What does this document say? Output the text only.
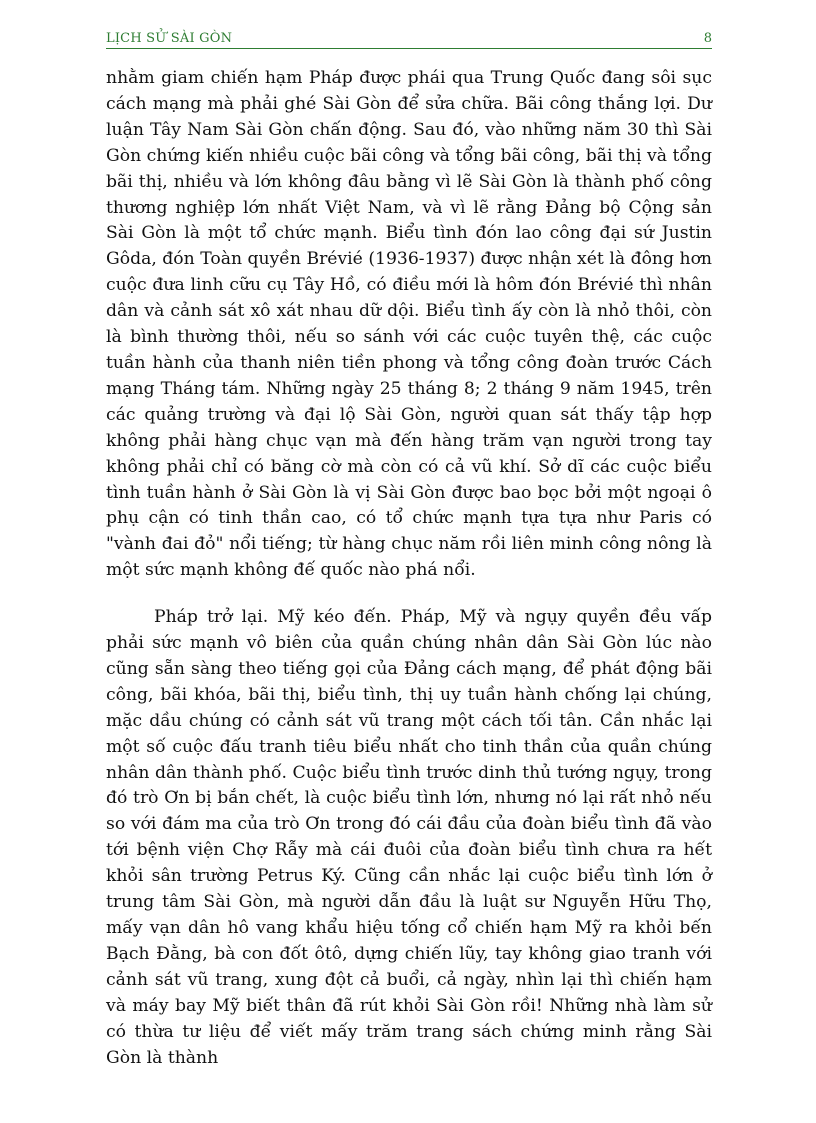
LỊCH SỬ SÀI GÒN	8

nhằm giam chiến hạm Pháp được phái qua Trung Quốc đang sôi sục cách mạng mà phải ghé Sài Gòn để sửa chữa. Bãi công thắng lợi. Dư luận Tây Nam Sài Gòn chấn động. Sau đó, vào những năm 30 thì Sài Gòn chứng kiến nhiều cuộc bãi công và tổng bãi công, bãi thị và tổng bãi thị, nhiều và lớn không đâu bằng vì lẽ Sài Gòn là thành phố công thương nghiệp lớn nhất Việt Nam, và vì lẽ rằng Đảng bộ Cộng sản Sài Gòn là một tổ chức mạnh. Biểu tình đón lao công đại sứ Justin Gôda, đón Toàn quyền Brévié (1936-1937) được nhận xét là đông hơn cuộc đưa linh cữu cụ Tây Hồ, có điều mới là hôm đón Brévié thì nhân dân và cảnh sát xô xát nhau dữ dội. Biểu tình ấy còn là nhỏ thôi, còn là bình thường thôi, nếu so sánh với các cuộc tuyên thệ, các cuộc tuần hành của thanh niên tiền phong và tổng công đoàn trước Cách mạng Tháng tám. Những ngày 25 tháng 8; 2 tháng 9 năm 1945, trên các quảng trường và đại lộ Sài Gòn, người quan sát thấy tập hợp không phải hàng chục vạn mà đến hàng trăm vạn người trong tay không phải chỉ có băng cờ mà còn có cả vũ khí. Sở dĩ các cuộc biểu tình tuần hành ở Sài Gòn là vị Sài Gòn được bao bọc bởi một ngoại ô phụ cận có tinh thần cao, có tổ chức mạnh tựa tựa như Paris có "vành đai đỏ" nổi tiếng; từ hàng chục năm rồi liên minh công nông là một sức mạnh không đế quốc nào phá nổi.

Pháp trở lại. Mỹ kéo đến. Pháp, Mỹ và ngụy quyền đều vấp phải sức mạnh vô biên của quần chúng nhân dân Sài Gòn lúc nào cũng sẵn sàng theo tiếng gọi của Đảng cách mạng, để phát động bãi công, bãi khóa, bãi thị, biểu tình, thị uy tuần hành chống lại chúng, mặc dầu chúng có cảnh sát vũ trang một cách tối tân. Cần nhắc lại một số cuộc đấu tranh tiêu biểu nhất cho tinh thần của quần chúng nhân dân thành phố. Cuộc biểu tình trước dinh thủ tướng ngụy, trong đó trò Ơn bị bắn chết, là cuộc biểu tình lớn, nhưng nó lại rất nhỏ nếu so với đám ma của trò Ơn trong đó cái đầu của đoàn biểu tình đã vào tới bệnh viện Chợ Rẫy mà cái đuôi của đoàn biểu tình chưa ra hết khỏi sân trường Petrus Ký. Cũng cần nhắc lại cuộc biểu tình lớn ở trung tâm Sài Gòn, mà người dẫn đầu là luật sư Nguyễn Hữu Thọ, mấy vạn dân hô vang khẩu hiệu tống cổ chiến hạm Mỹ ra khỏi bến Bạch Đằng, bà con đốt ôtô, dựng chiến lũy, tay không giao tranh với cảnh sát vũ trang, xung đột cả buổi, cả ngày, nhìn lại thì chiến hạm và máy bay Mỹ biết thân đã rút khỏi Sài Gòn rồi! Những nhà làm sử có thừa tư liệu để viết mấy trăm trang sách chứng minh rằng Sài Gòn là thành
